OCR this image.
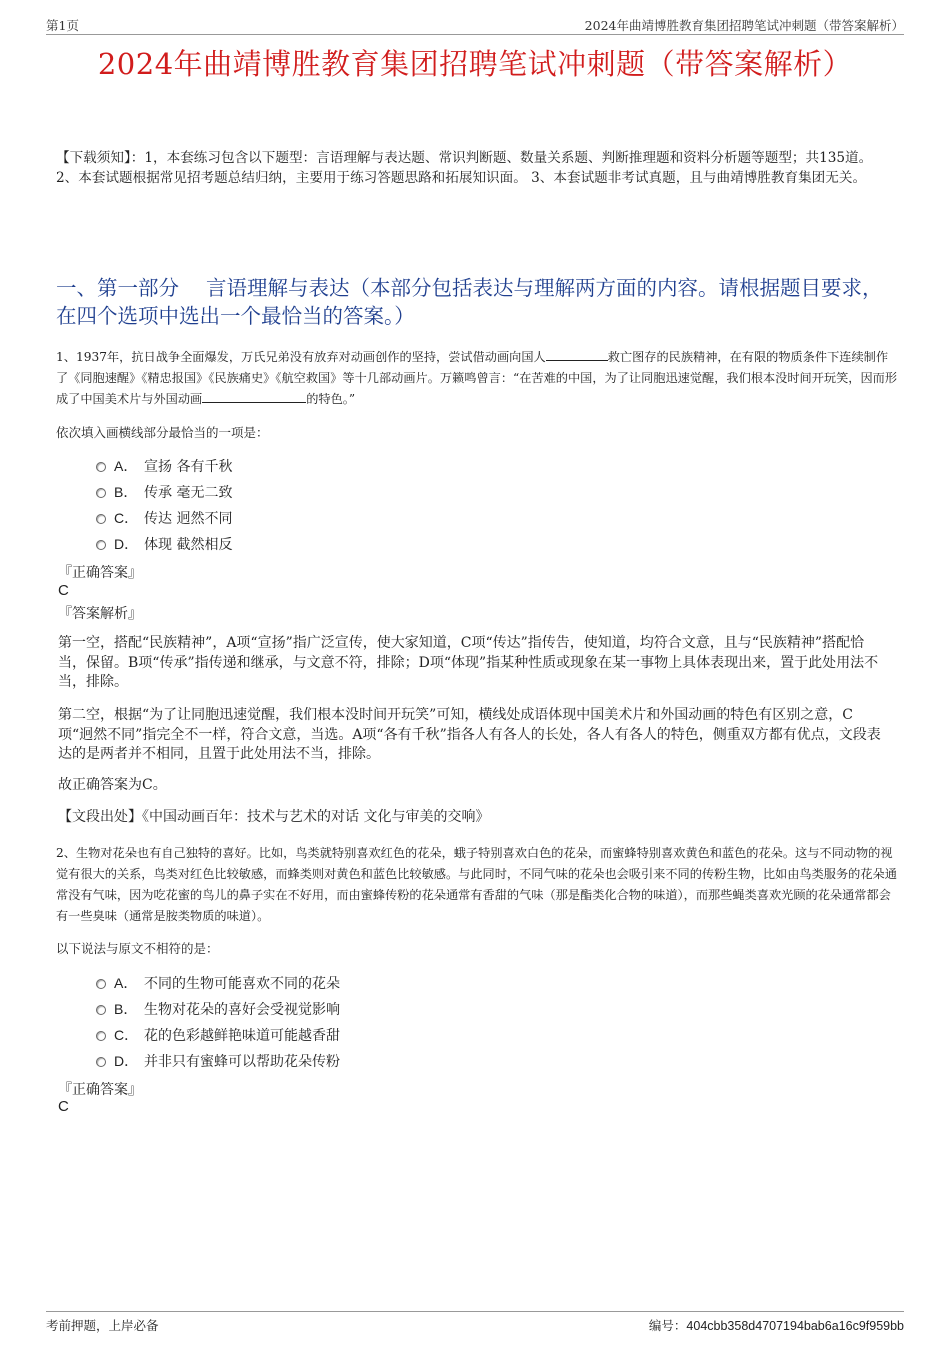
第1页	2024年曲靖博胜教育集团招聘笔试冲刺题（带答案解析）
2024年曲靖博胜教育集团招聘笔试冲刺题（带答案解析）
【下载须知】：1，本套练习包含以下题型：言语理解与表达题、常识判断题、数量关系题、判断推理题和资料分析题等题型；共135道。 2、本套试题根据常见招考题总结归纳，主要用于练习答题思路和拓展知识面。 3、本套试题非考试真题，且与曲靖博胜教育集团无关。
一、第一部分　 言语理解与表达（本部分包括表达与理解两方面的内容。请根据题目要求，在四个选项中选出一个最恰当的答案。）
1、1937年，抗日战争全面爆发，万氏兄弟没有放弃对动画创作的坚持，尝试借动画向国人	救亡图存的民族精神，在有限的物质条件下连续制作了《同胞速醒》《精忠报国》《民族痛史》《航空救国》等十几部动画片。万籁鸣曾言：“在苦难的中国，为了让同胞迅速觉醒，我们根本没时间开玩笑，因而形成了中国美术片与外国动画	的特色。”
依次填入画横线部分最恰当的一项是：
A． 宣扬 各有千秋
B． 传承 毫无二致
C． 传达 迥然不同
D． 体现 截然相反
『正确答案』
C
『答案解析』
第一空，搭配“民族精神”，A项“宣扬”指广泛宣传，使大家知道，C项“传达”指传告，使知道，均符合文意，且与“民族精神”搭配恰当，保留。B项“传承”指传递和继承，与文意不符，排除；D项“体现”指某种性质或现象在某一事物上具体表现出来，置于此处用法不当，排除。
第二空，根据“为了让同胞迅速觉醒，我们根本没时间开玩笑”可知，横线处成语体现中国美术片和外国动画的特色有区别之意，C项“迥然不同”指完全不一样，符合文意，当选。A项“各有千秋”指各人有各人的长处，各人有各人的特色，侧重双方都有优点，文段表达的是两者并不相同，且置于此处用法不当，排除。
故正确答案为C。
【文段出处】《中国动画百年：技术与艺术的对话 文化与审美的交响》
2、生物对花朵也有自己独特的喜好。比如，鸟类就特别喜欢红色的花朵，蛾子特别喜欢白色的花朵，而蜜蜂特别喜欢黄色和蓝色的花朵。这与不同动物的视觉有很大的关系，鸟类对红色比较敏感，而蜂类则对黄色和蓝色比较敏感。与此同时，不同气味的花朵也会吸引来不同的传粉生物，比如由鸟类服务的花朵通常没有气味，因为吃花蜜的鸟儿的鼻子实在不好用，而由蜜蜂传粉的花朵通常有香甜的气味（那是酯类化合物的味道），而那些蝇类喜欢光顾的花朵通常都会有一些臭味（通常是胺类物质的味道）。
以下说法与原文不相符的是：
A． 不同的生物可能喜欢不同的花朵
B． 生物对花朵的喜好会受视觉影响
C． 花的色彩越鲜艳味道可能越香甜
D． 并非只有蜜蜂可以帮助花朵传粉
『正确答案』
C
考前押题，上岸必备	编号：404cbb358d4707194bab6a16c9f959bb
